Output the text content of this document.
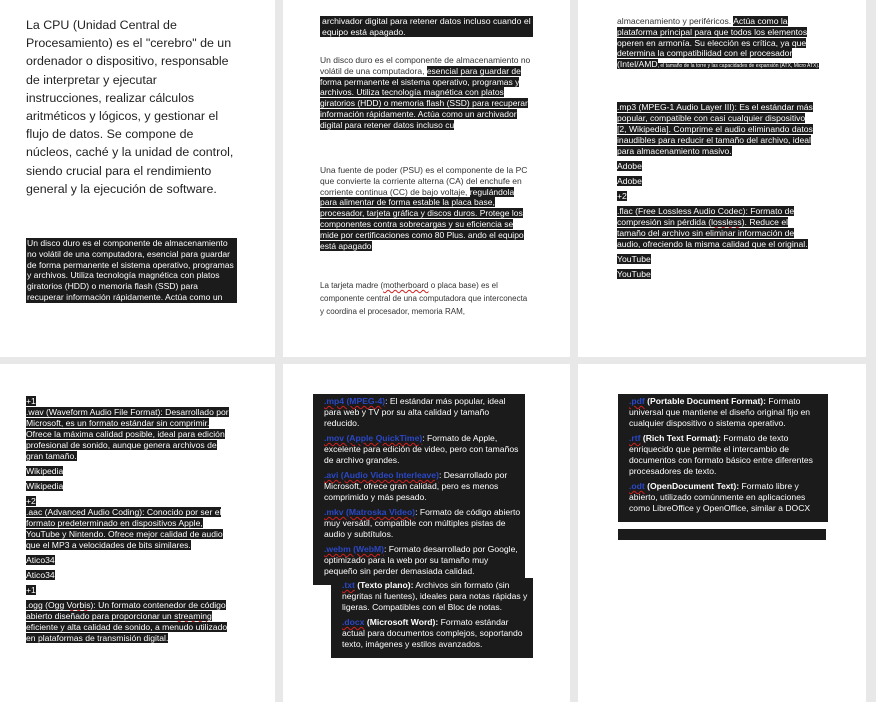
La CPU (Unidad Central de Procesamiento) es el "cerebro" de un ordenador o dispositivo, responsable de interpretar y ejecutar instrucciones, realizar cálculos aritméticos y lógicos, y gestionar el flujo de datos. Se compone de núcleos, caché y la unidad de control, siendo crucial para el rendimiento general y la ejecución de software.
Un disco duro es el componente de almacenamiento no volátil de una computadora, esencial para guardar de forma permanente el sistema operativo, programas y archivos. Utiliza tecnología magnética con platos giratorios (HDD) o memoria flash (SSD) para recuperar información rápidamente. Actúa como un
archivador digital para retener datos incluso cuando el equipo está apagado.
Un disco duro es el componente de almacenamiento no volátil de una computadora, esencial para guardar de forma permanente el sistema operativo, programas y archivos. Utiliza tecnología magnética con platos giratorios (HDD) o memoria flash (SSD) para recuperar información rápidamente. Actúa como un archivador digital para retener datos incluso cu
Una fuente de poder (PSU) es el componente de la PC que convierte la corriente alterna (CA) del enchufe en corriente continua (CC) de bajo voltaje, regulándola para alimentar de forma estable la placa base, procesador, tarjeta gráfica y discos duros. Protege los componentes contra sobrecargas y su eficiencia se mide por certificaciones como 80 Plus. ando el equipo está apagado
La tarjeta madre (motherboard o placa base) es el componente central de una computadora que interconecta y coordina el procesador, memoria RAM,
almacenamiento y periféricos. Actúa como la plataforma principal para que todos los elementos operen en armonía. Su elección es crítica, ya que determina la compatibilidad con el procesador (Intel/AMD, el tamaño de la torre y las capacidades de expansión (ATX, Micro ATX).
.mp3 (MPEG-1 Audio Layer III): Es el estándar más popular, compatible con casi cualquier dispositivo [2, Wikipedia]. Comprime el audio eliminando datos inaudibles para reducir el tamaño del archivo, ideal para almacenamiento masivo.
Adobe
Adobe
+2
.flac (Free Lossless Audio Codec): Formato de compresión sin pérdida (lossless). Reduce el tamaño del archivo sin eliminar información de audio, ofreciendo la misma calidad que el original.
YouTube
YouTube
+1
.wav (Waveform Audio File Format): Desarrollado por Microsoft, es un formato estándar sin comprimir. Ofrece la máxima calidad posible, ideal para edición profesional de sonido, aunque genera archivos de gran tamaño.
Wikipedia
Wikipedia
+2
.aac (Advanced Audio Coding): Conocido por ser el formato predeterminado en dispositivos Apple, YouTube y Nintendo. Ofrece mejor calidad de audio que el MP3 a velocidades de bits similares.
Atico34
Atico34
+1
.ogg (Ogg Vorbis): Un formato contenedor de código abierto diseñado para proporcionar un streaming eficiente y alta calidad de sonido, a menudo utilizado en plataformas de transmisión digital.
• .mp4 (MPEG-4): El estándar más popular, ideal para web y TV por su alta calidad y tamaño reducido.
• .mov (Apple QuickTime): Formato de Apple, excelente para edición de video, pero con tamaños de archivo grandes.
• .avi (Audio Video Interleave): Desarrollado por Microsoft, ofrece gran calidad, pero es menos comprimido y más pesado.
• .mkv (Matroska Video): Formato de código abierto muy versátil, compatible con múltiples pistas de audio y subtítulos.
• .webm (WebM): Formato desarrollado por Google, optimizado para la web por su tamaño muy pequeño sin perder demasiada calidad.
• .txt (Texto plano): Archivos sin formato (sin negritas ni fuentes), ideales para notas rápidas y ligeras. Compatibles con el Bloc de notas.
• .docx (Microsoft Word): Formato estándar actual para documentos complejos, soportando texto, imágenes y estilos avanzados.
• .pdf (Portable Document Format): Formato universal que mantiene el diseño original fijo en cualquier dispositivo o sistema operativo.
• .rtf (Rich Text Format): Formato de texto enriquecido que permite el intercambio de documentos con formato básico entre diferentes procesadores de texto.
• .odt (OpenDocument Text): Formato libre y abierto, utilizado comúnmente en aplicaciones como LibreOffice y OpenOffice, similar a DOCX
